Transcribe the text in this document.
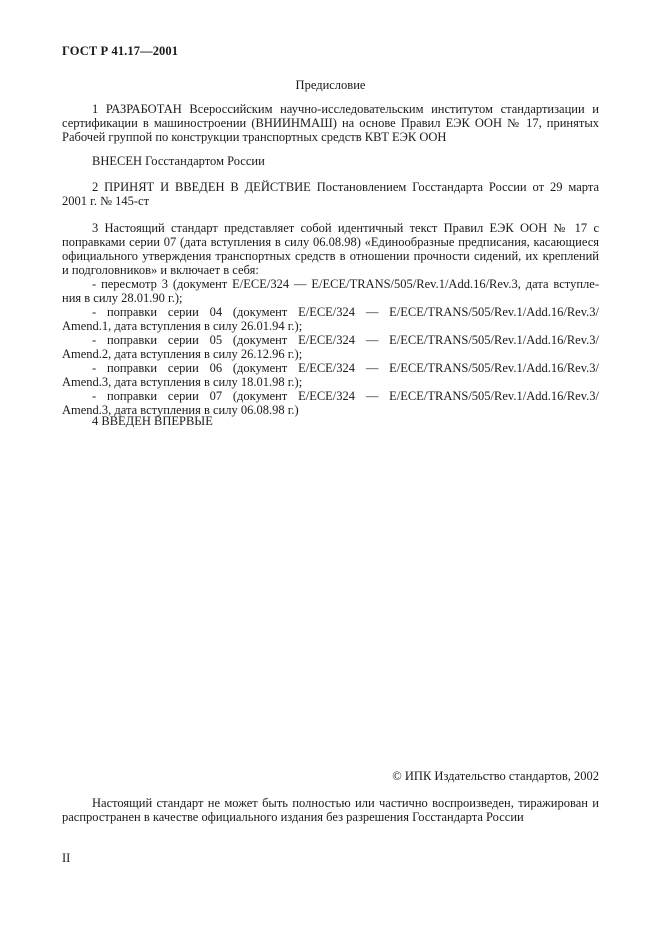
ГОСТ Р 41.17—2001
Предисловие
1 РАЗРАБОТАН Всероссийским научно-исследовательским институтом стандартизации и
сертификации в машиностроении (ВНИИНМАШ) на основе Правил ЕЭК ООН № 17, принятых
Рабочей группой по конструкции транспортных средств КВТ ЕЭК ООН
ВНЕСЕН Госстандартом России
2 ПРИНЯТ И ВВЕДЕН В ДЕЙСТВИЕ Постановлением Госстандарта России от 29 марта
2001 г. № 145-ст
3 Настоящий стандарт представляет собой идентичный текст Правил ЕЭК ООН № 17 с
поправками серии 07 (дата вступления в силу 06.08.98) «Единообразные предписания, касающиеся
официального утверждения транспортных средств в отношении прочности сидений, их креплений
и подголовников» и включает в себя:
- пересмотр 3 (документ E/ECE/324 — E/ECE/TRANS/505/Rev.1/Add.16/Rev.3, дата вступле-
ния в силу 28.01.90 г.);
- поправки серии 04 (документ E/ECE/324 — E/ECE/TRANS/505/Rev.1/Add.16/Rev.3/
Amend.1, дата вступления в силу 26.01.94 г.);
- поправки серии 05 (документ E/ECE/324 — E/ECE/TRANS/505/Rev.1/Add.16/Rev.3/
Amend.2, дата вступления в силу 26.12.96 г.);
- поправки серии 06 (документ E/ECE/324 — E/ECE/TRANS/505/Rev.1/Add.16/Rev.3/
Amend.3, дата вступления в силу 18.01.98 г.);
- поправки серии 07 (документ E/ECE/324 — E/ECE/TRANS/505/Rev.1/Add.16/Rev.3/
Amend.3, дата вступления в силу 06.08.98 г.)
4 ВВЕДЕН ВПЕРВЫЕ
© ИПК Издательство стандартов, 2002
Настоящий стандарт не может быть полностью или частично воспроизведен, тиражирован и
распространен в качестве официального издания без разрешения Госстандарта России
II
